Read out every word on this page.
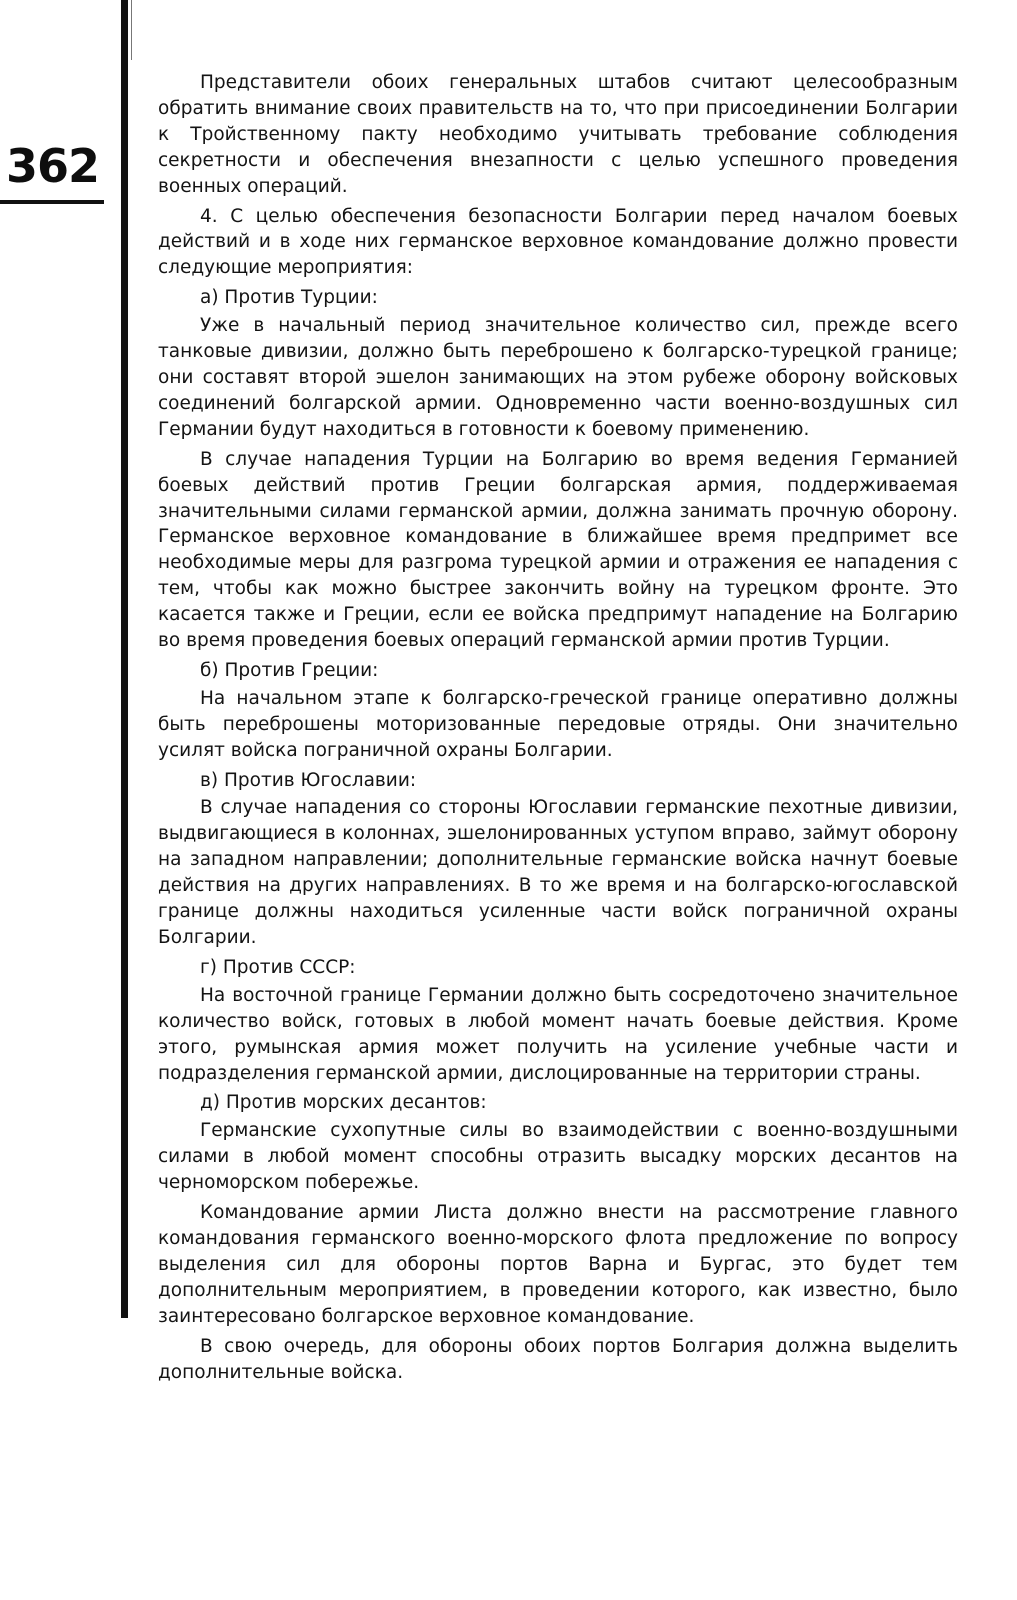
362

Представители обоих генеральных штабов считают целесообразным обратить внимание своих правительств на то, что при присоединении Болгарии к Тройственному пакту необходимо учитывать требование соблюдения секретности и обеспечения внезапности с целью успешного проведения военных операций.

4. С целью обеспечения безопасности Болгарии перед началом боевых действий и в ходе них германское верховное командование должно провести следующие мероприятия:

а) Против Турции:

Уже в начальный период значительное количество сил, прежде всего танковые дивизии, должно быть переброшено к болгарско-турецкой границе; они составят второй эшелон занимающих на этом рубеже оборону войсковых соединений болгарской армии. Одновременно части военно-воздушных сил Германии будут находиться в готовности к боевому применению.

В случае нападения Турции на Болгарию во время ведения Германией боевых действий против Греции болгарская армия, поддерживаемая значительными силами германской армии, должна занимать прочную оборону. Германское верховное командование в ближайшее время предпримет все необходимые меры для разгрома турецкой армии и отражения ее нападения с тем, чтобы как можно быстрее закончить войну на турецком фронте. Это касается также и Греции, если ее войска предпримут нападение на Болгарию во время проведения боевых операций германской армии против Турции.

б) Против Греции:

На начальном этапе к болгарско-греческой границе оперативно должны быть переброшены моторизованные передовые отряды. Они значительно усилят войска пограничной охраны Болгарии.

в) Против Югославии:

В случае нападения со стороны Югославии германские пехотные дивизии, выдвигающиеся в колоннах, эшелонированных уступом вправо, займут оборону на западном направлении; дополнительные германские войска начнут боевые действия на других направлениях. В то же время и на болгарско-югославской границе должны находиться усиленные части войск пограничной охраны Болгарии.

г) Против СССР:

На восточной границе Германии должно быть сосредоточено значительное количество войск, готовых в любой момент начать боевые действия. Кроме этого, румынская армия может получить на усиление учебные части и подразделения германской армии, дислоцированные на территории страны.

д) Против морских десантов:

Германские сухопутные силы во взаимодействии с военно-воздушными силами в любой момент способны отразить высадку морских десантов на черноморском побережье.

Командование армии Листа должно внести на рассмотрение главного командования германского военно-морского флота предложение по вопросу выделения сил для обороны портов Варна и Бургас, это будет тем дополнительным мероприятием, в проведении которого, как известно, было заинтересовано болгарское верховное командование.

В свою очередь, для обороны обоих портов Болгария должна выделить дополнительные войска.
